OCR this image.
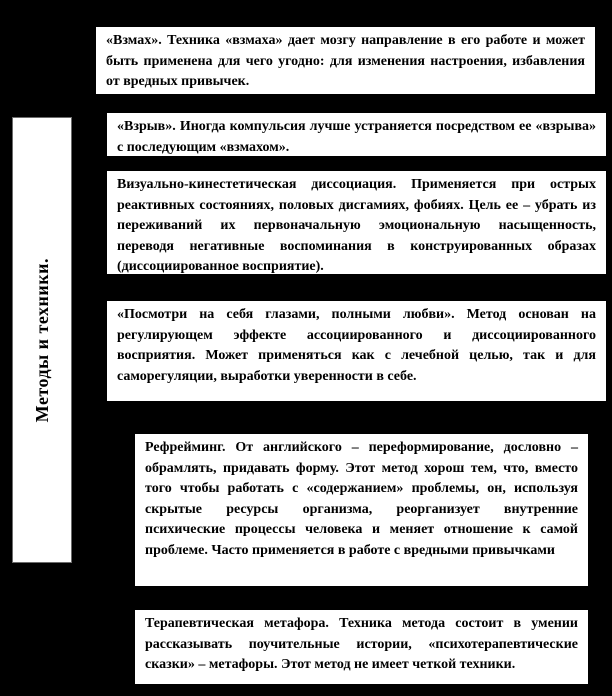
Методы и техники.

«Взмах». Техника «взмаха» дает мозгу направление в его работе и может быть применена для чего угодно: для изменения настроения, избавления от вредных привычек.

«Взрыв». Иногда компульсия лучше устраняется посредством ее «взрыва» с последующим «взмахом».

Визуально-кинестетическая диссоциация. Применяется при острых реактивных состояниях, половых дисгамиях, фобиях. Цель ее – убрать из переживаний их первоначальную эмоциональную насыщенность, переводя негативные воспоминания в конструированных образах (диссоциированное восприятие).

«Посмотри на себя глазами, полными любви». Метод основан на регулирующем эффекте ассоциированного и диссоциированного восприятия. Может применяться как с лечебной целью, так и для саморегуляции, выработки уверенности в себе.

Рефрейминг. От английского – переформирование, дословно – обрамлять, придавать форму. Этот метод хорош тем, что, вместо того чтобы работать с «содержанием» проблемы, он, используя скрытые ресурсы организма, реорганизует внутренние психические процессы человека и меняет отношение к самой проблеме. Часто применяется в работе с вредными привычками

Терапевтическая метафора. Техника метода состоит в умении рассказывать поучительные истории, «психотерапевтические сказки» – метафоры. Этот метод не имеет четкой техники.
